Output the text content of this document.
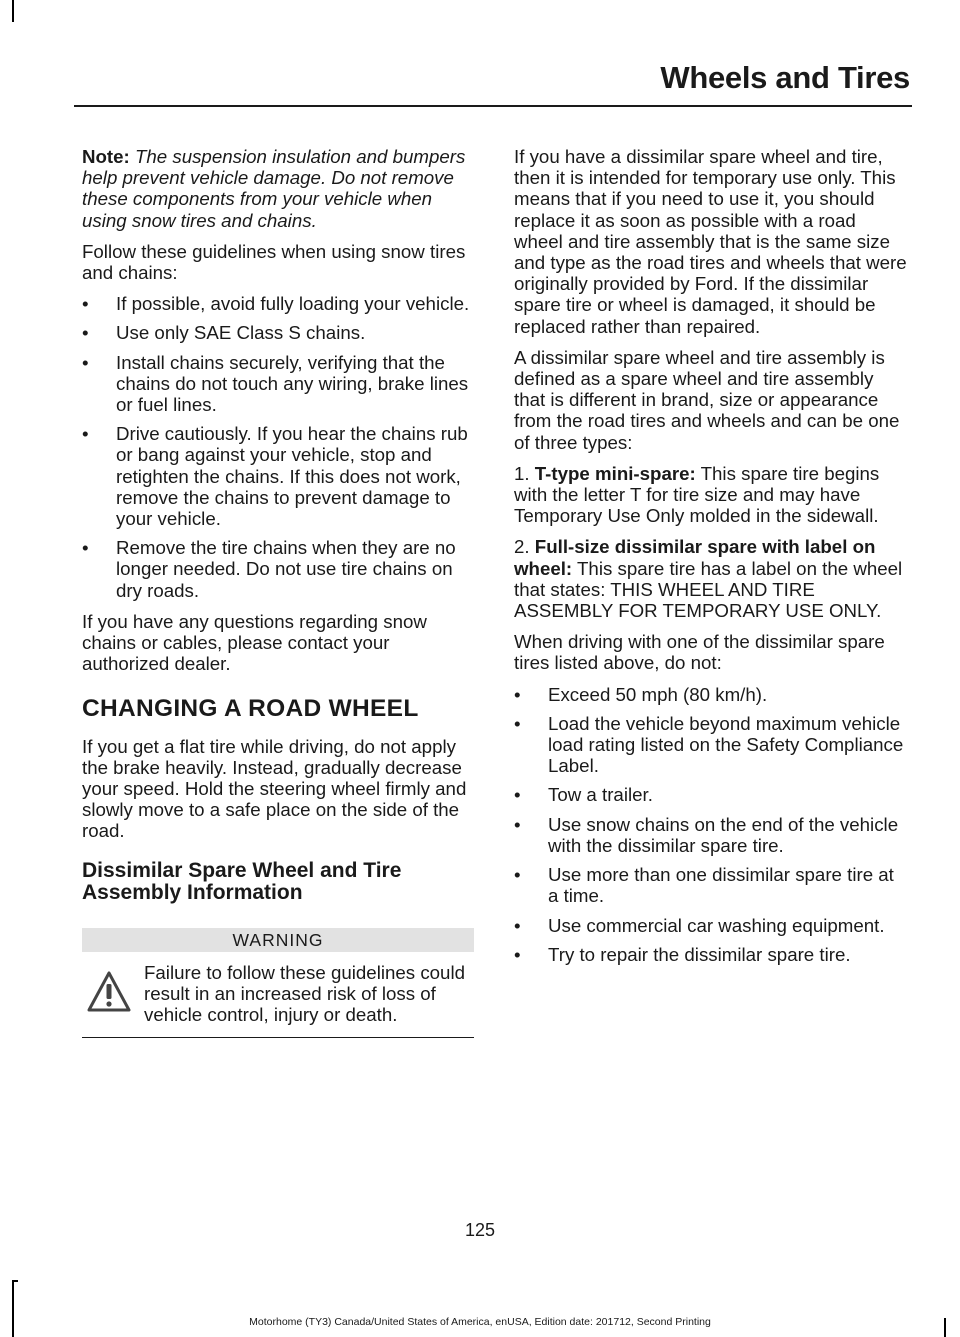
Wheels and Tires

Note: The suspension insulation and bumpers help prevent vehicle damage. Do not remove these components from your vehicle when using snow tires and chains.

Follow these guidelines when using snow tires and chains:

• If possible, avoid fully loading your vehicle.
• Use only SAE Class S chains.
• Install chains securely, verifying that the chains do not touch any wiring, brake lines or fuel lines.
• Drive cautiously. If you hear the chains rub or bang against your vehicle, stop and retighten the chains. If this does not work, remove the chains to prevent damage to your vehicle.
• Remove the tire chains when they are no longer needed. Do not use tire chains on dry roads.

If you have any questions regarding snow chains or cables, please contact your authorized dealer.

CHANGING A ROAD WHEEL

If you get a flat tire while driving, do not apply the brake heavily. Instead, gradually decrease your speed. Hold the steering wheel firmly and slowly move to a safe place on the side of the road.

Dissimilar Spare Wheel and Tire Assembly Information
WARNING
Failure to follow these guidelines could result in an increased risk of loss of vehicle control, injury or death.

If you have a dissimilar spare wheel and tire, then it is intended for temporary use only. This means that if you need to use it, you should replace it as soon as possible with a road wheel and tire assembly that is the same size and type as the road tires and wheels that were originally provided by Ford. If the dissimilar spare tire or wheel is damaged, it should be replaced rather than repaired.

A dissimilar spare wheel and tire assembly is defined as a spare wheel and tire assembly that is different in brand, size or appearance from the road tires and wheels and can be one of three types:

1. T-type mini-spare: This spare tire begins with the letter T for tire size and may have Temporary Use Only molded in the sidewall.

2. Full-size dissimilar spare with label on wheel: This spare tire has a label on the wheel that states: THIS WHEEL AND TIRE ASSEMBLY FOR TEMPORARY USE ONLY.

When driving with one of the dissimilar spare tires listed above, do not:

• Exceed 50 mph (80 km/h).
• Load the vehicle beyond maximum vehicle load rating listed on the Safety Compliance Label.
• Tow a trailer.
• Use snow chains on the end of the vehicle with the dissimilar spare tire.
• Use more than one dissimilar spare tire at a time.
• Use commercial car washing equipment.
• Try to repair the dissimilar spare tire.

125

Motorhome (TY3) Canada/United States of America, enUSA, Edition date: 201712, Second Printing
